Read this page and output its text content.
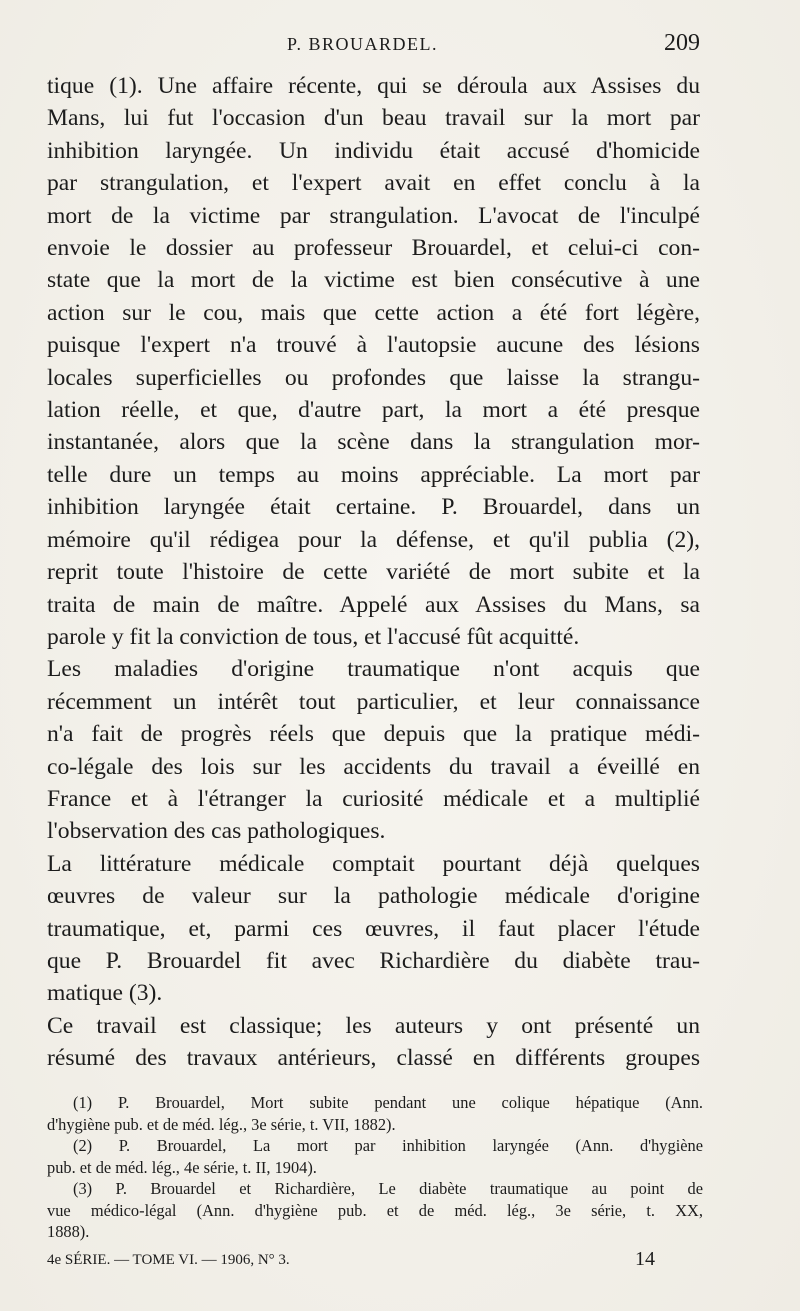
P. BROUARDEL.	209
tique (1). Une affaire récente, qui se déroula aux Assises du
Mans, lui fut l'occasion d'un beau travail sur la mort par
inhibition laryngée. Un individu était accusé d'homicide
par strangulation, et l'expert avait en effet conclu à la
mort de la victime par strangulation. L'avocat de l'inculpé
envoie le dossier au professeur Brouardel, et celui-ci con-
state que la mort de la victime est bien consécutive à une
action sur le cou, mais que cette action a été fort légère,
puisque l'expert n'a trouvé à l'autopsie aucune des lésions
locales superficielles ou profondes que laisse la strangu-
lation réelle, et que, d'autre part, la mort a été presque
instantanée, alors que la scène dans la strangulation mor-
telle dure un temps au moins appréciable. La mort par
inhibition laryngée était certaine. P. Brouardel, dans un
mémoire qu'il rédigea pour la défense, et qu'il publia (2),
reprit toute l'histoire de cette variété de mort subite et la
traita de main de maître. Appelé aux Assises du Mans, sa
parole y fit la conviction de tous, et l'accusé fût acquitté.
Les maladies d'origine traumatique n'ont acquis que
récemment un intérêt tout particulier, et leur connaissance
n'a fait de progrès réels que depuis que la pratique médi-
co-légale des lois sur les accidents du travail a éveillé en
France et à l'étranger la curiosité médicale et a multiplié
l'observation des cas pathologiques.
La littérature médicale comptait pourtant déjà quelques
œuvres de valeur sur la pathologie médicale d'origine
traumatique, et, parmi ces œuvres, il faut placer l'étude
que P. Brouardel fit avec Richardière du diabète trau-
matique (3).
Ce travail est classique; les auteurs y ont présenté un
résumé des travaux antérieurs, classé en différents groupes
(1) P. Brouardel, Mort subite pendant une colique hépatique (Ann.
d'hygiène pub. et de méd. lég., 3e série, t. VII, 1882).
(2) P. Brouardel, La mort par inhibition laryngée (Ann. d'hygiène
pub. et de méd. lég., 4e série, t. II, 1904).
(3) P. Brouardel et Richardière, Le diabète traumatique au point de
vue médico-légal (Ann. d'hygiène pub. et de méd. lég., 3e série, t. XX,
1888).
4e SÉRIE. — TOME VI. — 1906, N° 3.	14
